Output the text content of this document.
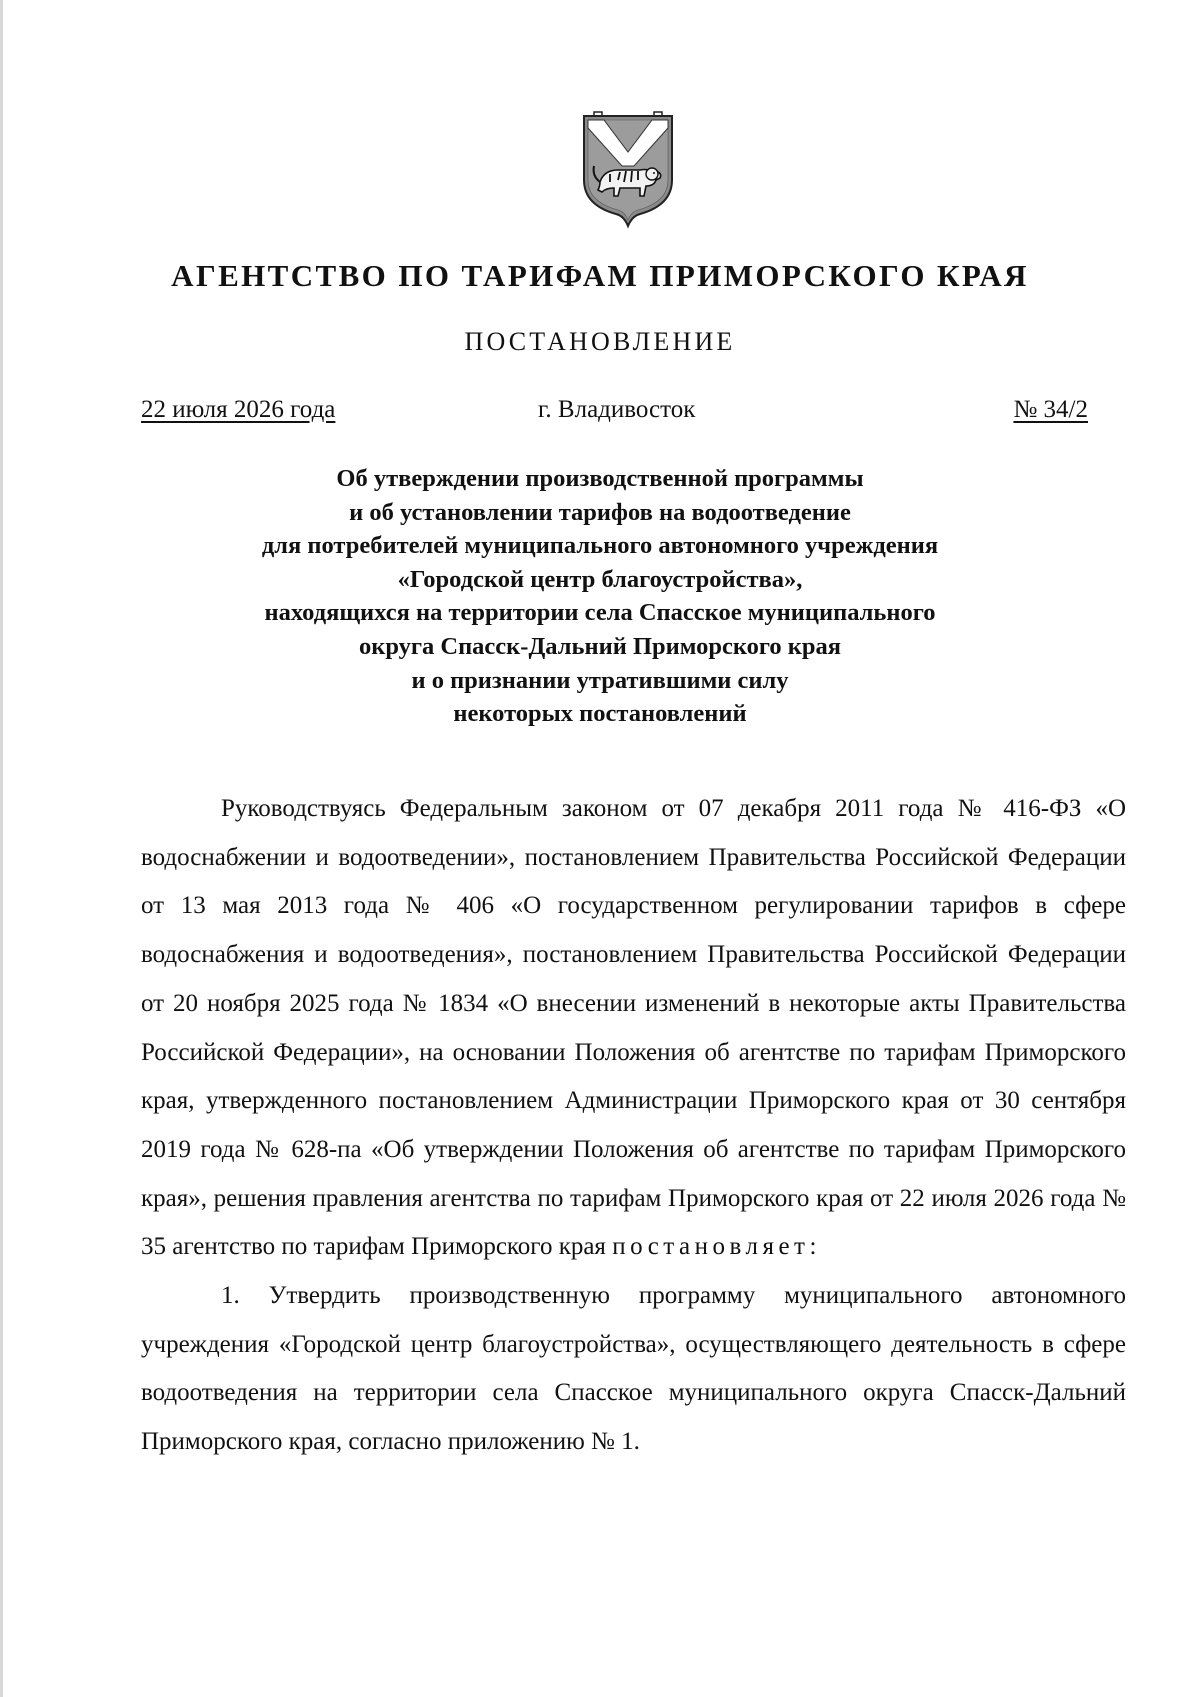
АГЕНТСТВО ПО ТАРИФАМ ПРИМОРСКОГО КРАЯ
ПОСТАНОВЛЕНИЕ
22 июля 2026 года	г. Владивосток	№ 34/2
Об утверждении производственной программы
и об установлении тарифов на водоотведение
для потребителей муниципального автономного учреждения
«Городской центр благоустройства»,
находящихся на территории села Спасское муниципального
округа Спасск-Дальний Приморского края
и о признании утратившими силу
некоторых постановлений

Руководствуясь Федеральным законом от 07 декабря 2011 года № 416-ФЗ «О водоснабжении и водоотведении», постановлением Правительства Российской Федерации от 13 мая 2013 года № 406 «О государственном регулировании тарифов в сфере водоснабжения и водоотведения», постановлением Правительства Российской Федерации от 20 ноября 2025 года № 1834 «О внесении изменений в некоторые акты Правительства Российской Федерации», на основании Положения об агентстве по тарифам Приморского края, утвержденного постановлением Администрации Приморского края от 30 сентября 2019 года № 628-па «Об утверждении Положения об агентстве по тарифам Приморского края», решения правления агентства по тарифам Приморского края от 22 июля 2026 года № 35 агентство по тарифам Приморского края постановляет:

1. Утвердить производственную программу муниципального автономного учреждения «Городской центр благоустройства», осуществляющего деятельность в сфере водоотведения на территории села Спасское муниципального округа Спасск-Дальний Приморского края, согласно приложению № 1.
